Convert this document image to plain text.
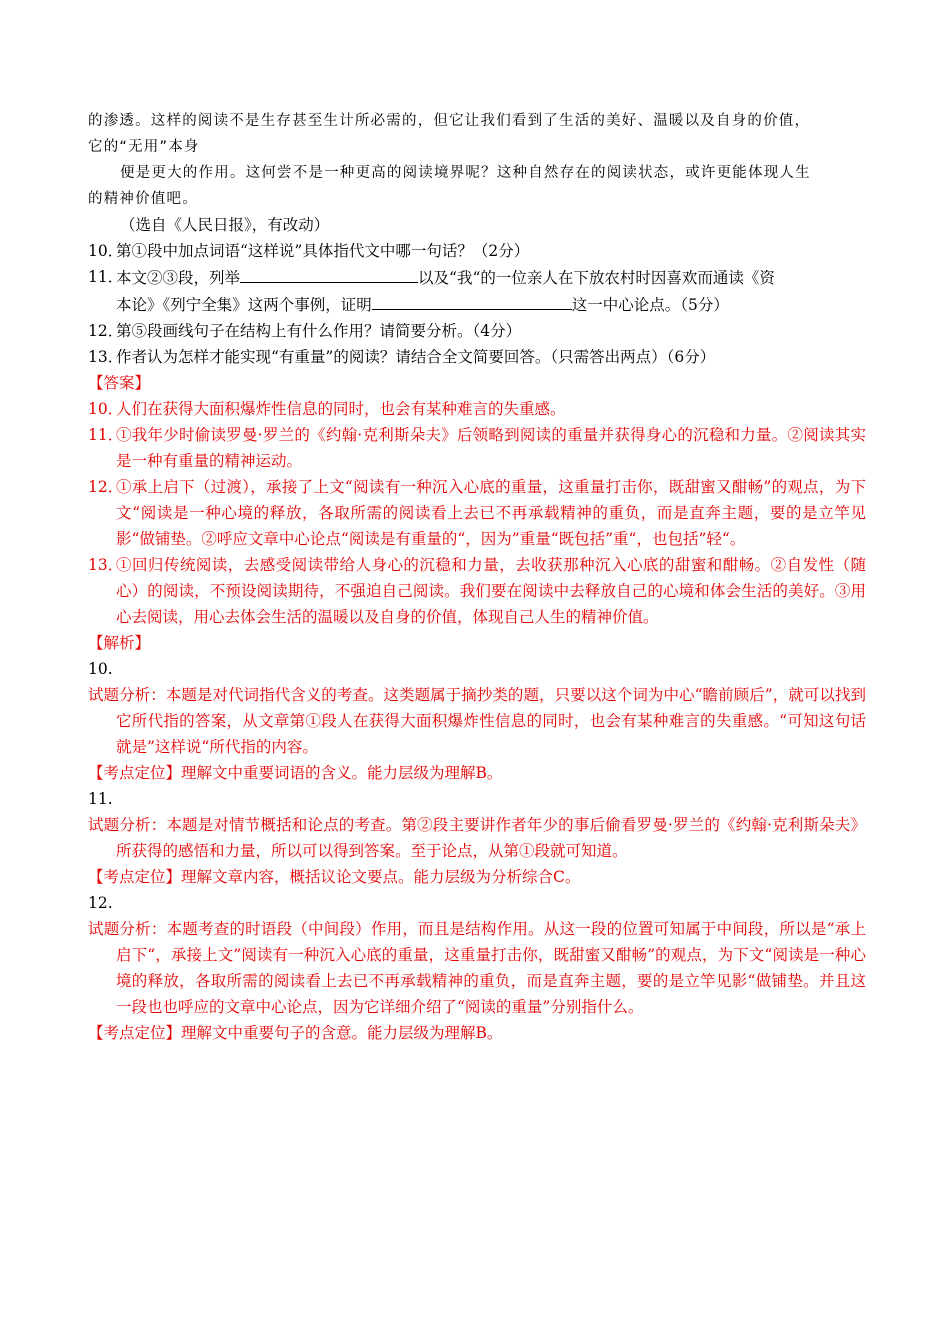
的渗透。这样的阅读不是生存甚至生计所必需的，但它让我们看到了生活的美好、温暖以及自身的价值，
它的“无用”本身
便是更大的作用。这何尝不是一种更高的阅读境界呢？这种自然存在的阅读状态，或许更能体现人生
的精神价值吧。
（选自《人民日报》，有改动）
10．
第①段中加点词语“这样说”具体指代文中哪一句话？（2分）
11．
本文②③段，列举	以及“我“的一位亲人在下放农村时因喜欢而通读《资
本论》《列宁全集》这两个事例，证明	这一中心论点。（5分）
12．
第⑤段画线句子在结构上有什么作用？请简要分析。（4分）
13．
作者认为怎样才能实现“有重量”的阅读？请结合全文简要回答。（只需答出两点）（6分）
【答案】
10．
人们在获得大面积爆炸性信息的同时，也会有某种难言的失重感。
11．
①我年少时偷读罗曼·罗兰的《约翰·克利斯朵夫》后领略到阅读的重量并获得身心的沉稳和力量。②阅读其实是一种有重量的精神运动。
12．
①承上启下（过渡），承接了上文“阅读有一种沉入心底的重量，这重量打击你，既甜蜜又酣畅”的观点，为下文“阅读是一种心境的释放，各取所需的阅读看上去已不再承载精神的重负，而是直奔主题，要的是立竿见影“做铺垫。②呼应文章中心论点“阅读是有重量的“，因为”重量“既包括”重“，也包括”轻“。
13．
①回归传统阅读，去感受阅读带给人身心的沉稳和力量，去收获那种沉入心底的甜蜜和酣畅。②自发性（随心）的阅读，不预设阅读期待，不强迫自己阅读。我们要在阅读中去释放自己的心境和体会生活的美好。③用心去阅读，用心去体会生活的温暖以及自身的价值，体现自己人生的精神价值。
【解析】
10.
试题分析：本题是对代词指代含义的考查。这类题属于摘抄类的题，只要以这个词为中心“瞻前顾后”，就可以找到它所代指的答案，从文章第①段人在获得大面积爆炸性信息的同时，也会有某种难言的失重感。“可知这句话就是”这样说“所代指的内容。
【考点定位】理解文中重要词语的含义。能力层级为理解B。
11.
试题分析：本题是对情节概括和论点的考查。第②段主要讲作者年少的事后偷看罗曼·罗兰的《约翰·克利斯朵夫》所获得的感悟和力量，所以可以得到答案。至于论点，从第①段就可知道。
【考点定位】理解文章内容，概括议论文要点。能力层级为分析综合C。
12.
试题分析：本题考查的时语段（中间段）作用，而且是结构作用。从这一段的位置可知属于中间段，所以是“承上启下“，承接上文”阅读有一种沉入心底的重量，这重量打击你，既甜蜜又酣畅”的观点，为下文“阅读是一种心境的释放，各取所需的阅读看上去已不再承载精神的重负，而是直奔主题，要的是立竿见影“做铺垫。并且这一段也也呼应的文章中心论点，因为它详细介绍了“阅读的重量”分别指什么。
【考点定位】理解文中重要句子的含意。能力层级为理解B。
